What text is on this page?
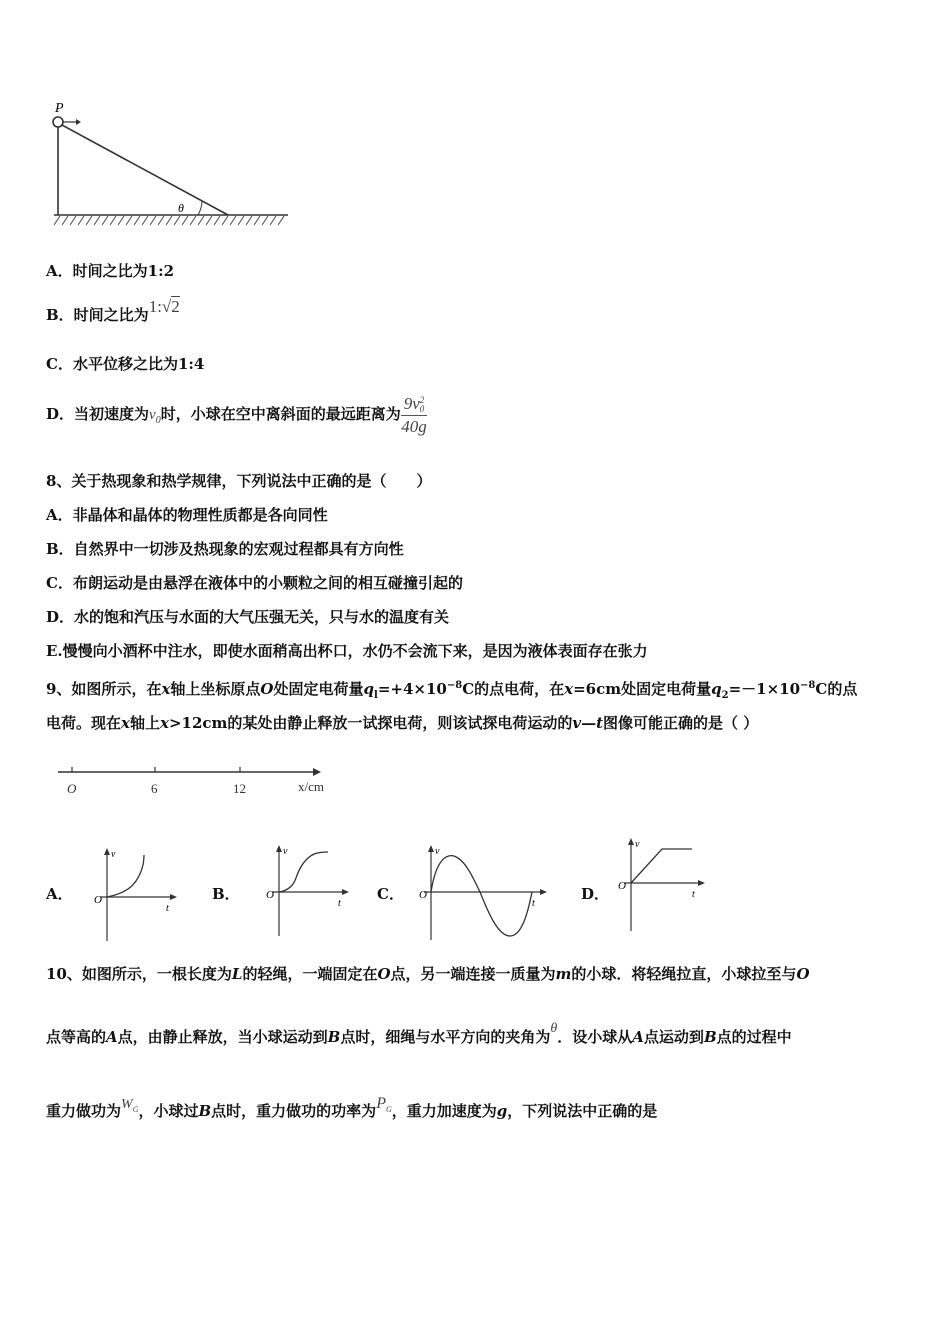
P
θ
A．时间之比为1:2
B．时间之比为1:√2
C．水平位移之比为1:4
D．当初速度为$v_0$时，小球在空中离斜面的最远距离为 9v 2
0
40g
8、关于热现象和热学规律，下列说法中正确的是（　　）
A．非晶体和晶体的物理性质都是各向同性
B．自然界中一切涉及热现象的宏观过程都具有方向性
C．布朗运动是由悬浮在液体中的小颗粒之间的相互碰撞引起的
D．水的饱和汽压与水面的大气压强无关，只与水的温度有关
E.慢慢向小酒杯中注水，即使水面稍高出杯口，水仍不会流下来，是因为液体表面存在张力
9、如图所示，在x轴上坐标原点O处固定电荷量$q_l=+4\times 10^{-8}C$的点电荷，在x=6cm处固定电荷量$q_2=-1\times 10^{-8}C$的点
电荷。现在x轴上x>12cm的某处由静止释放一试探电荷，则该试探电荷运动的v—t图像可能正确的是（ ）
O	6	12	x/cm
A．
v
O
t
B．
v
O
t
C．
v
O
t
D．
v
O
t
10、如图所示，一根长度为L的轻绳，一端固定在O点，另一端连接一质量为m的小球．将轻绳拉直，小球拉至与O
点等高的A点，由静止释放，当小球运动到B点时，细绳与水平方向的夹角为θ．设小球从A点运动到B点的过程中
重力做功为$W_G$，小球过B点时，重力做功的功率为$P_G$，重力加速度为g，下列说法中正确的是
